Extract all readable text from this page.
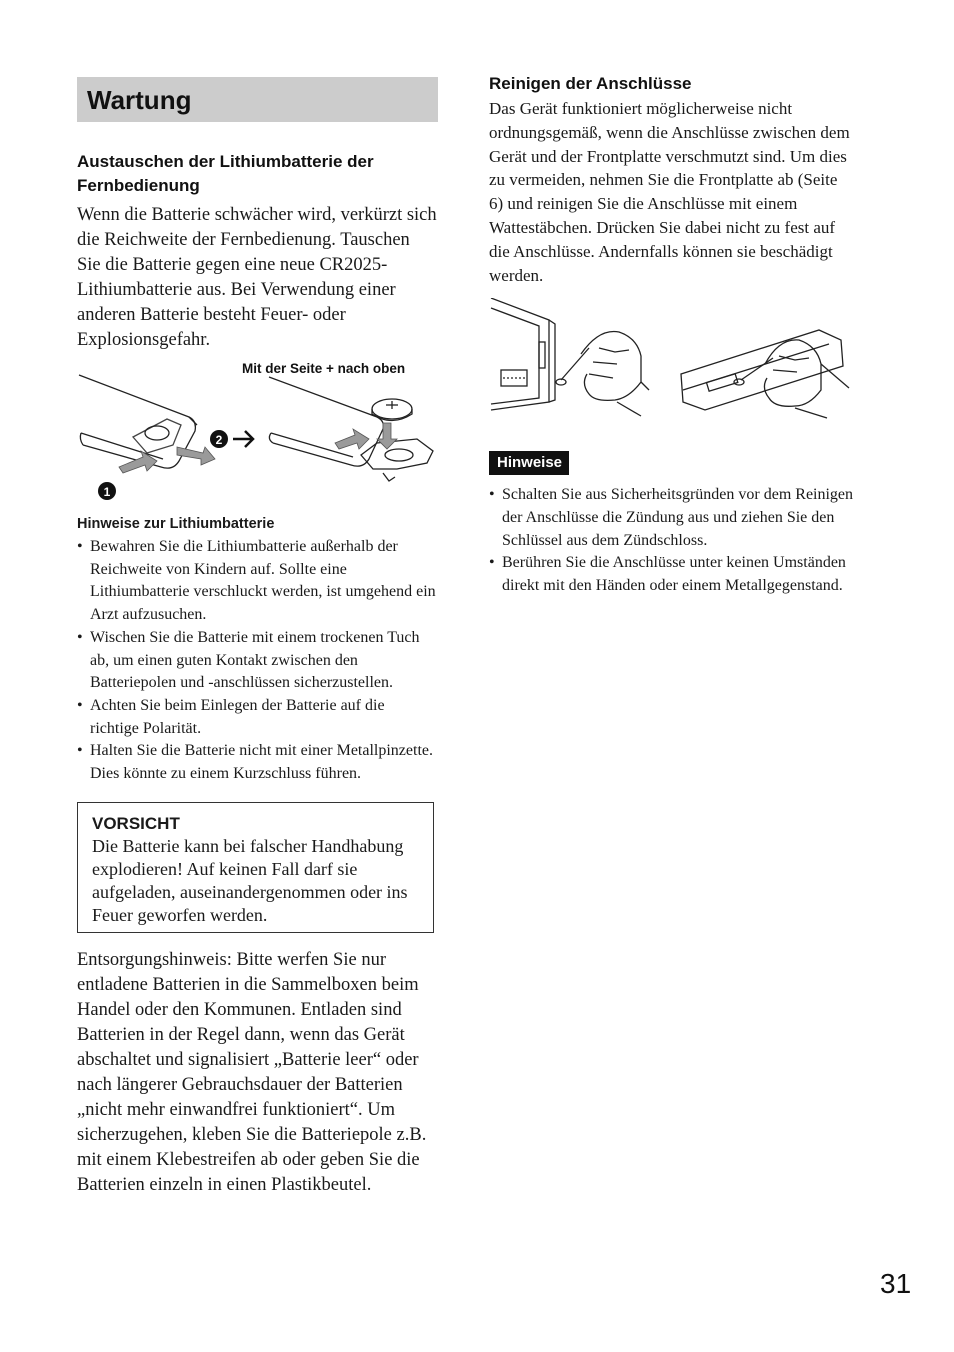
Wartung
Austauschen der Lithiumbatterie der Fernbedienung

Wenn die Batterie schwächer wird, verkürzt sich die Reichweite der Fernbedienung. Tauschen Sie die Batterie gegen eine neue CR2025-Lithiumbatterie aus. Bei Verwendung einer anderen Batterie besteht Feuer- oder Explosionsgefahr.

Mit der Seite + nach oben
2
1
Hinweise zur Lithiumbatterie
• Bewahren Sie die Lithiumbatterie außerhalb der Reichweite von Kindern auf. Sollte eine Lithiumbatterie verschluckt werden, ist umgehend ein Arzt aufzusuchen.
• Wischen Sie die Batterie mit einem trockenen Tuch ab, um einen guten Kontakt zwischen den Batteriepolen und -anschlüssen sicherzustellen.
• Achten Sie beim Einlegen der Batterie auf die richtige Polarität.
• Halten Sie die Batterie nicht mit einer Metallpinzette. Dies könnte zu einem Kurzschluss führen.

VORSICHT

Die Batterie kann bei falscher Handhabung explodieren! Auf keinen Fall darf sie aufgeladen, auseinandergenommen oder ins Feuer geworfen werden.

Entsorgungshinweis: Bitte werfen Sie nur entladene Batterien in die Sammelboxen beim Handel oder den Kommunen. Entladen sind Batterien in der Regel dann, wenn das Gerät abschaltet und signalisiert „Batterie leer“ oder nach längerer Gebrauchsdauer der Batterien „nicht mehr einwandfrei funktioniert“. Um sicherzugehen, kleben Sie die Batteriepole z.B. mit einem Klebestreifen ab oder geben Sie die Batterien einzeln in einen Plastikbeutel.

Reinigen der Anschlüsse

Das Gerät funktioniert möglicherweise nicht ordnungsgemäß, wenn die Anschlüsse zwischen dem Gerät und der Frontplatte verschmutzt sind. Um dies zu vermeiden, nehmen Sie die Frontplatte ab (Seite 6) und reinigen Sie die Anschlüsse mit einem Wattestäbchen. Drücken Sie dabei nicht zu fest auf die Anschlüsse. Andernfalls können sie beschädigt werden.

Hinweise
• Schalten Sie aus Sicherheitsgründen vor dem Reinigen der Anschlüsse die Zündung aus und ziehen Sie den Schlüssel aus dem Zündschloss.
• Berühren Sie die Anschlüsse unter keinen Umständen direkt mit den Händen oder einem Metallgegenstand.
31
